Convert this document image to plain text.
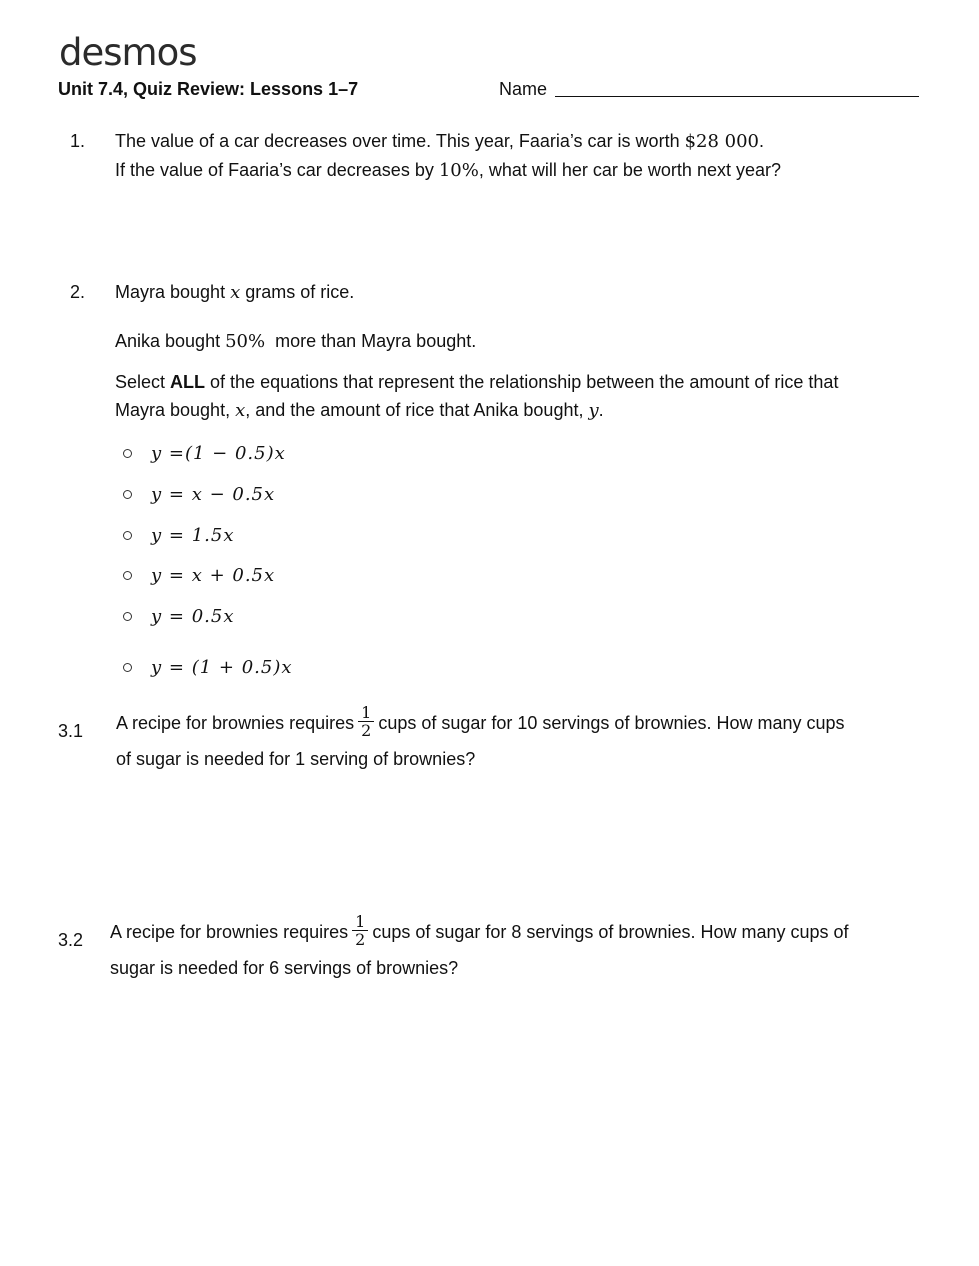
desmos
Unit 7.4, Quiz Review: Lessons 1–7	Name
1. The value of a car decreases over time. This year, Faaria’s car is worth $28 000.
If the value of Faaria’s car decreases by 10%, what will her car be worth next year?
2. Mayra bought x grams of rice.
Anika bought 50%  more than Mayra bought.
Select ALL of the equations that represent the relationship between the amount of rice that
Mayra bought, x, and the amount of rice that Anika bought, y.
y =(1 − 0.5)x
y = x − 0.5x
y = 1.5x
y = x + 0.5x
y = 0.5x
y = (1 + 0.5)x
3.1 A recipe for brownies requires $\frac{1}{2}$ cups of sugar for 10 servings of brownies. How many cups
of sugar is needed for 1 serving of brownies?
3.2 A recipe for brownies requires $\frac{1}{2}$ cups of sugar for 8 servings of brownies. How many cups of
sugar is needed for 6 servings of brownies?
